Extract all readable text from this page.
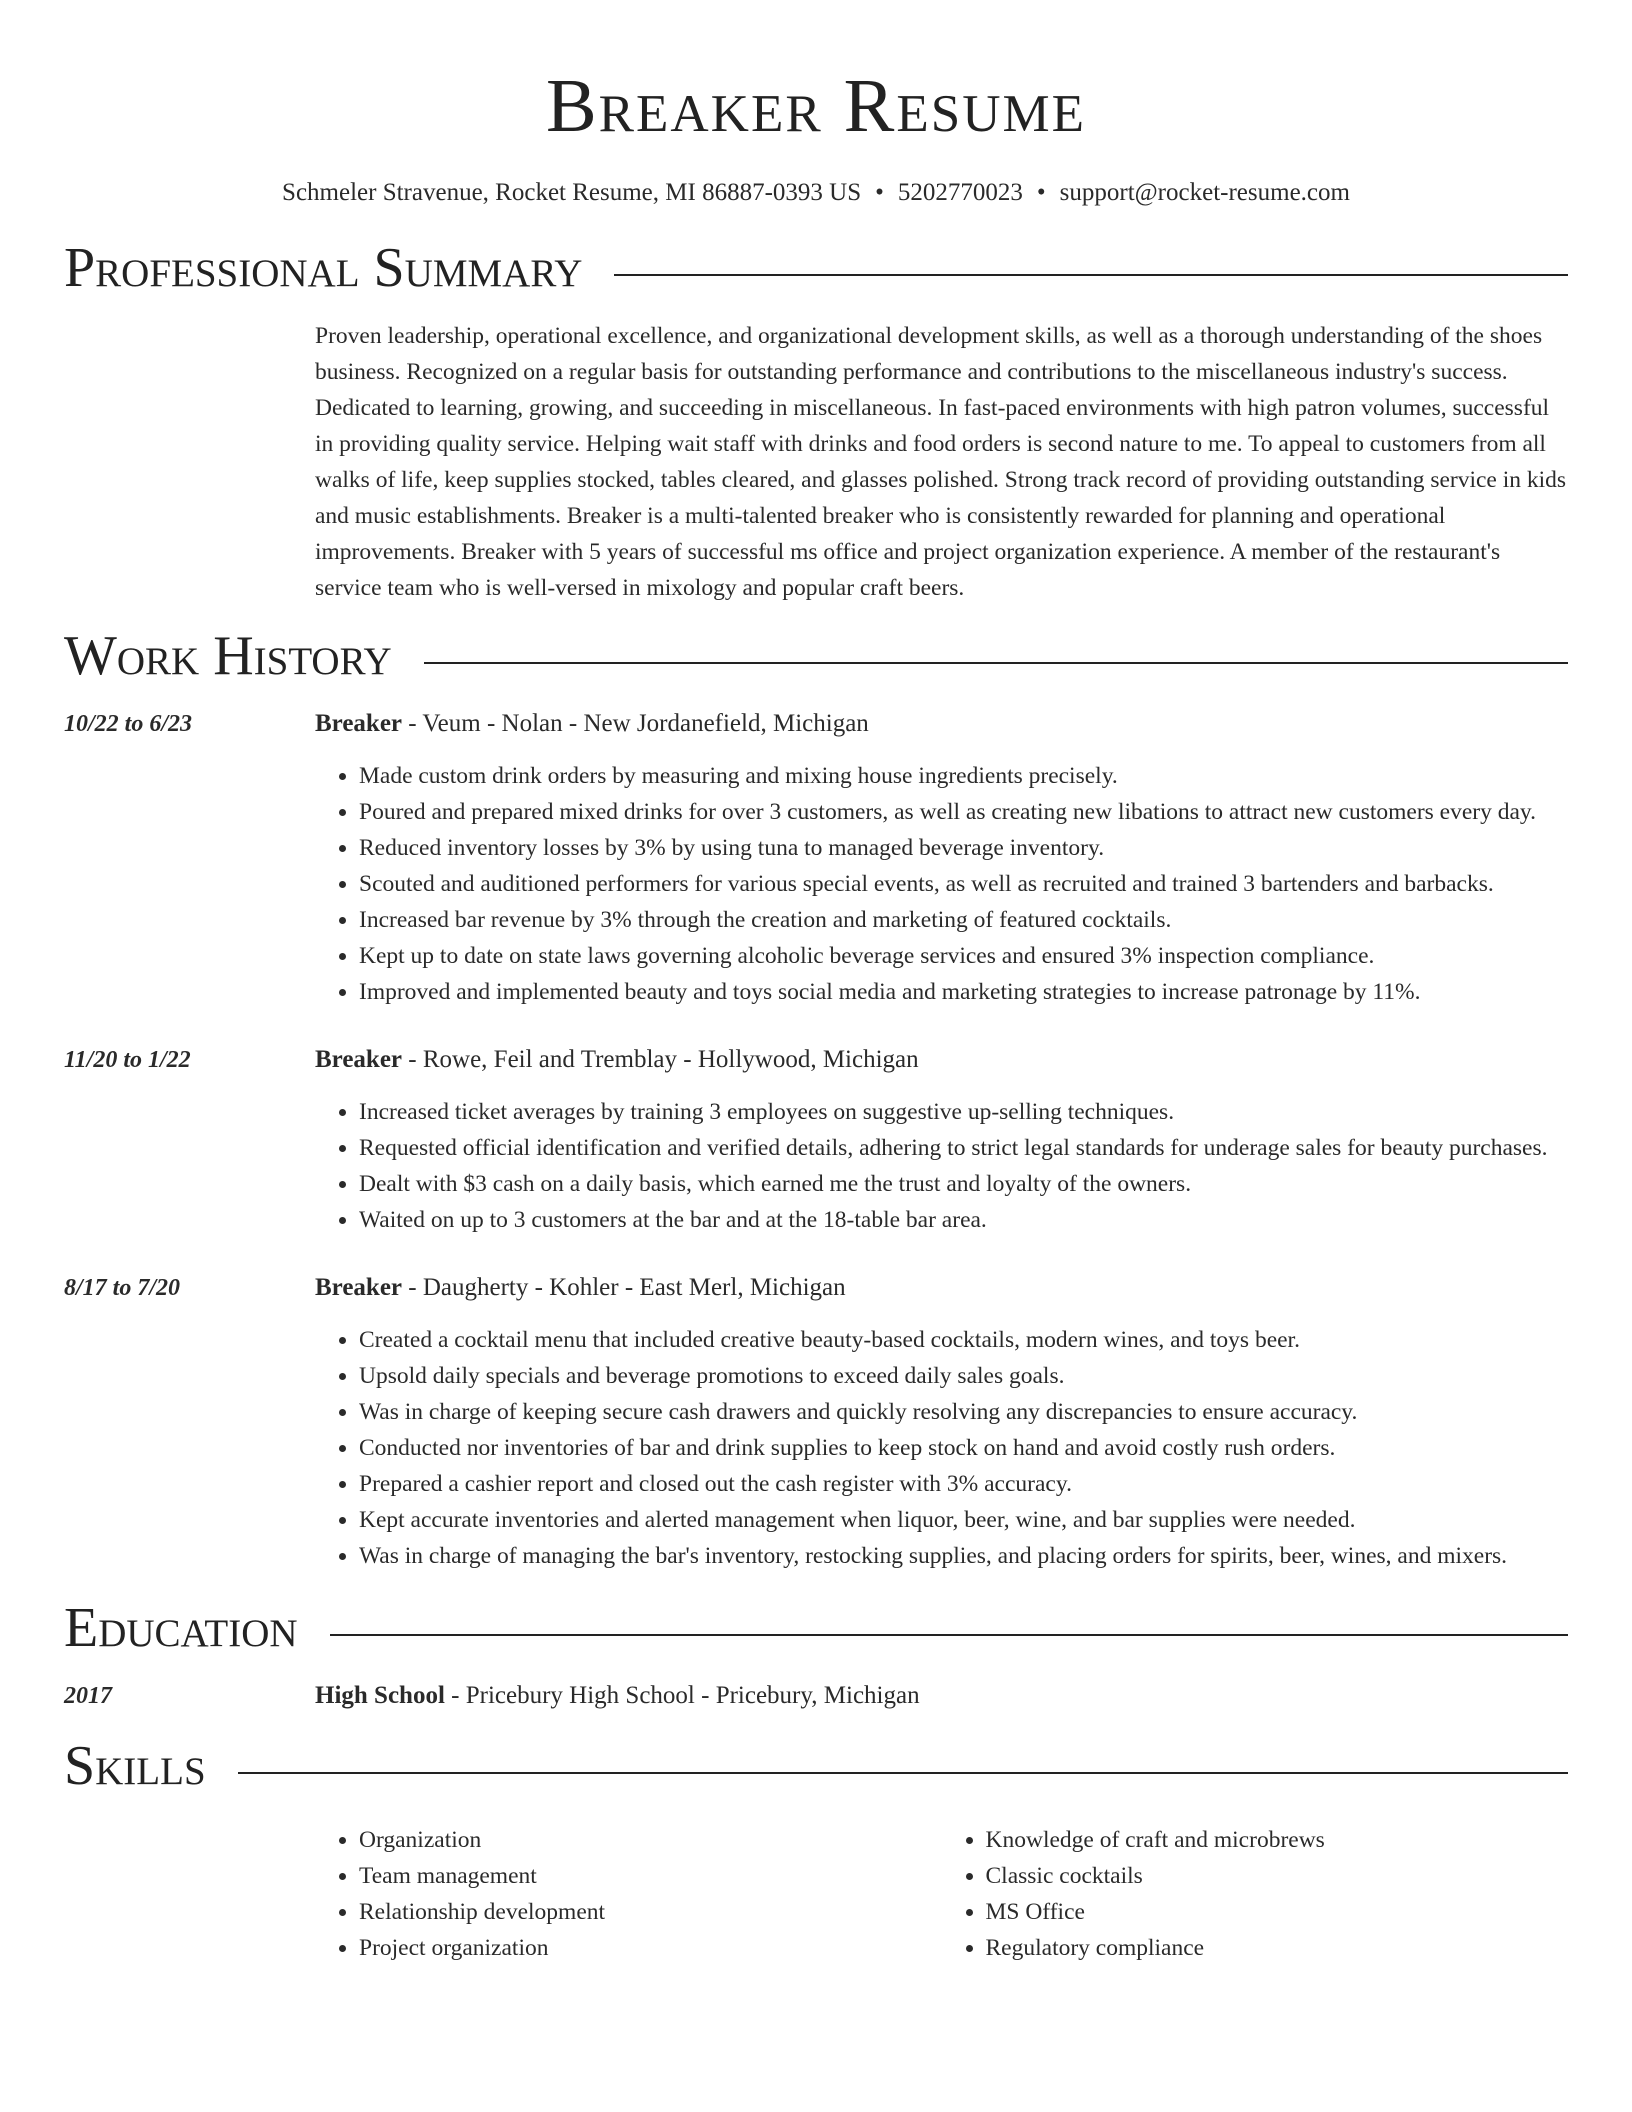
Breaker Resume
Schmeler Stravenue, Rocket Resume, MI 86887-0393 US • 5202770023 • support@rocket-resume.com
Professional Summary
Proven leadership, operational excellence, and organizational development skills, as well as a thorough understanding of the shoes business. Recognized on a regular basis for outstanding performance and contributions to the miscellaneous industry's success. Dedicated to learning, growing, and succeeding in miscellaneous. In fast-paced environments with high patron volumes, successful in providing quality service. Helping wait staff with drinks and food orders is second nature to me. To appeal to customers from all walks of life, keep supplies stocked, tables cleared, and glasses polished. Strong track record of providing outstanding service in kids and music establishments. Breaker is a multi-talented breaker who is consistently rewarded for planning and operational improvements. Breaker with 5 years of successful ms office and project organization experience. A member of the restaurant's service team who is well-versed in mixology and popular craft beers.
Work History
10/22 to 6/23	Breaker - Veum - Nolan - New Jordanefield, Michigan
• Made custom drink orders by measuring and mixing house ingredients precisely.
• Poured and prepared mixed drinks for over 3 customers, as well as creating new libations to attract new customers every day.
• Reduced inventory losses by 3% by using tuna to managed beverage inventory.
• Scouted and auditioned performers for various special events, as well as recruited and trained 3 bartenders and barbacks.
• Increased bar revenue by 3% through the creation and marketing of featured cocktails.
• Kept up to date on state laws governing alcoholic beverage services and ensured 3% inspection compliance.
• Improved and implemented beauty and toys social media and marketing strategies to increase patronage by 11%.
11/20 to 1/22	Breaker - Rowe, Feil and Tremblay - Hollywood, Michigan
• Increased ticket averages by training 3 employees on suggestive up-selling techniques.
• Requested official identification and verified details, adhering to strict legal standards for underage sales for beauty purchases.
• Dealt with $3 cash on a daily basis, which earned me the trust and loyalty of the owners.
• Waited on up to 3 customers at the bar and at the 18-table bar area.
8/17 to 7/20	Breaker - Daugherty - Kohler - East Merl, Michigan
• Created a cocktail menu that included creative beauty-based cocktails, modern wines, and toys beer.
• Upsold daily specials and beverage promotions to exceed daily sales goals.
• Was in charge of keeping secure cash drawers and quickly resolving any discrepancies to ensure accuracy.
• Conducted nor inventories of bar and drink supplies to keep stock on hand and avoid costly rush orders.
• Prepared a cashier report and closed out the cash register with 3% accuracy.
• Kept accurate inventories and alerted management when liquor, beer, wine, and bar supplies were needed.
• Was in charge of managing the bar's inventory, restocking supplies, and placing orders for spirits, beer, wines, and mixers.
Education
2017	High School - Pricebury High School - Pricebury, Michigan
Skills
• Organization
• Team management
• Relationship development
• Project organization
• Knowledge of craft and microbrews
• Classic cocktails
• MS Office
• Regulatory compliance
